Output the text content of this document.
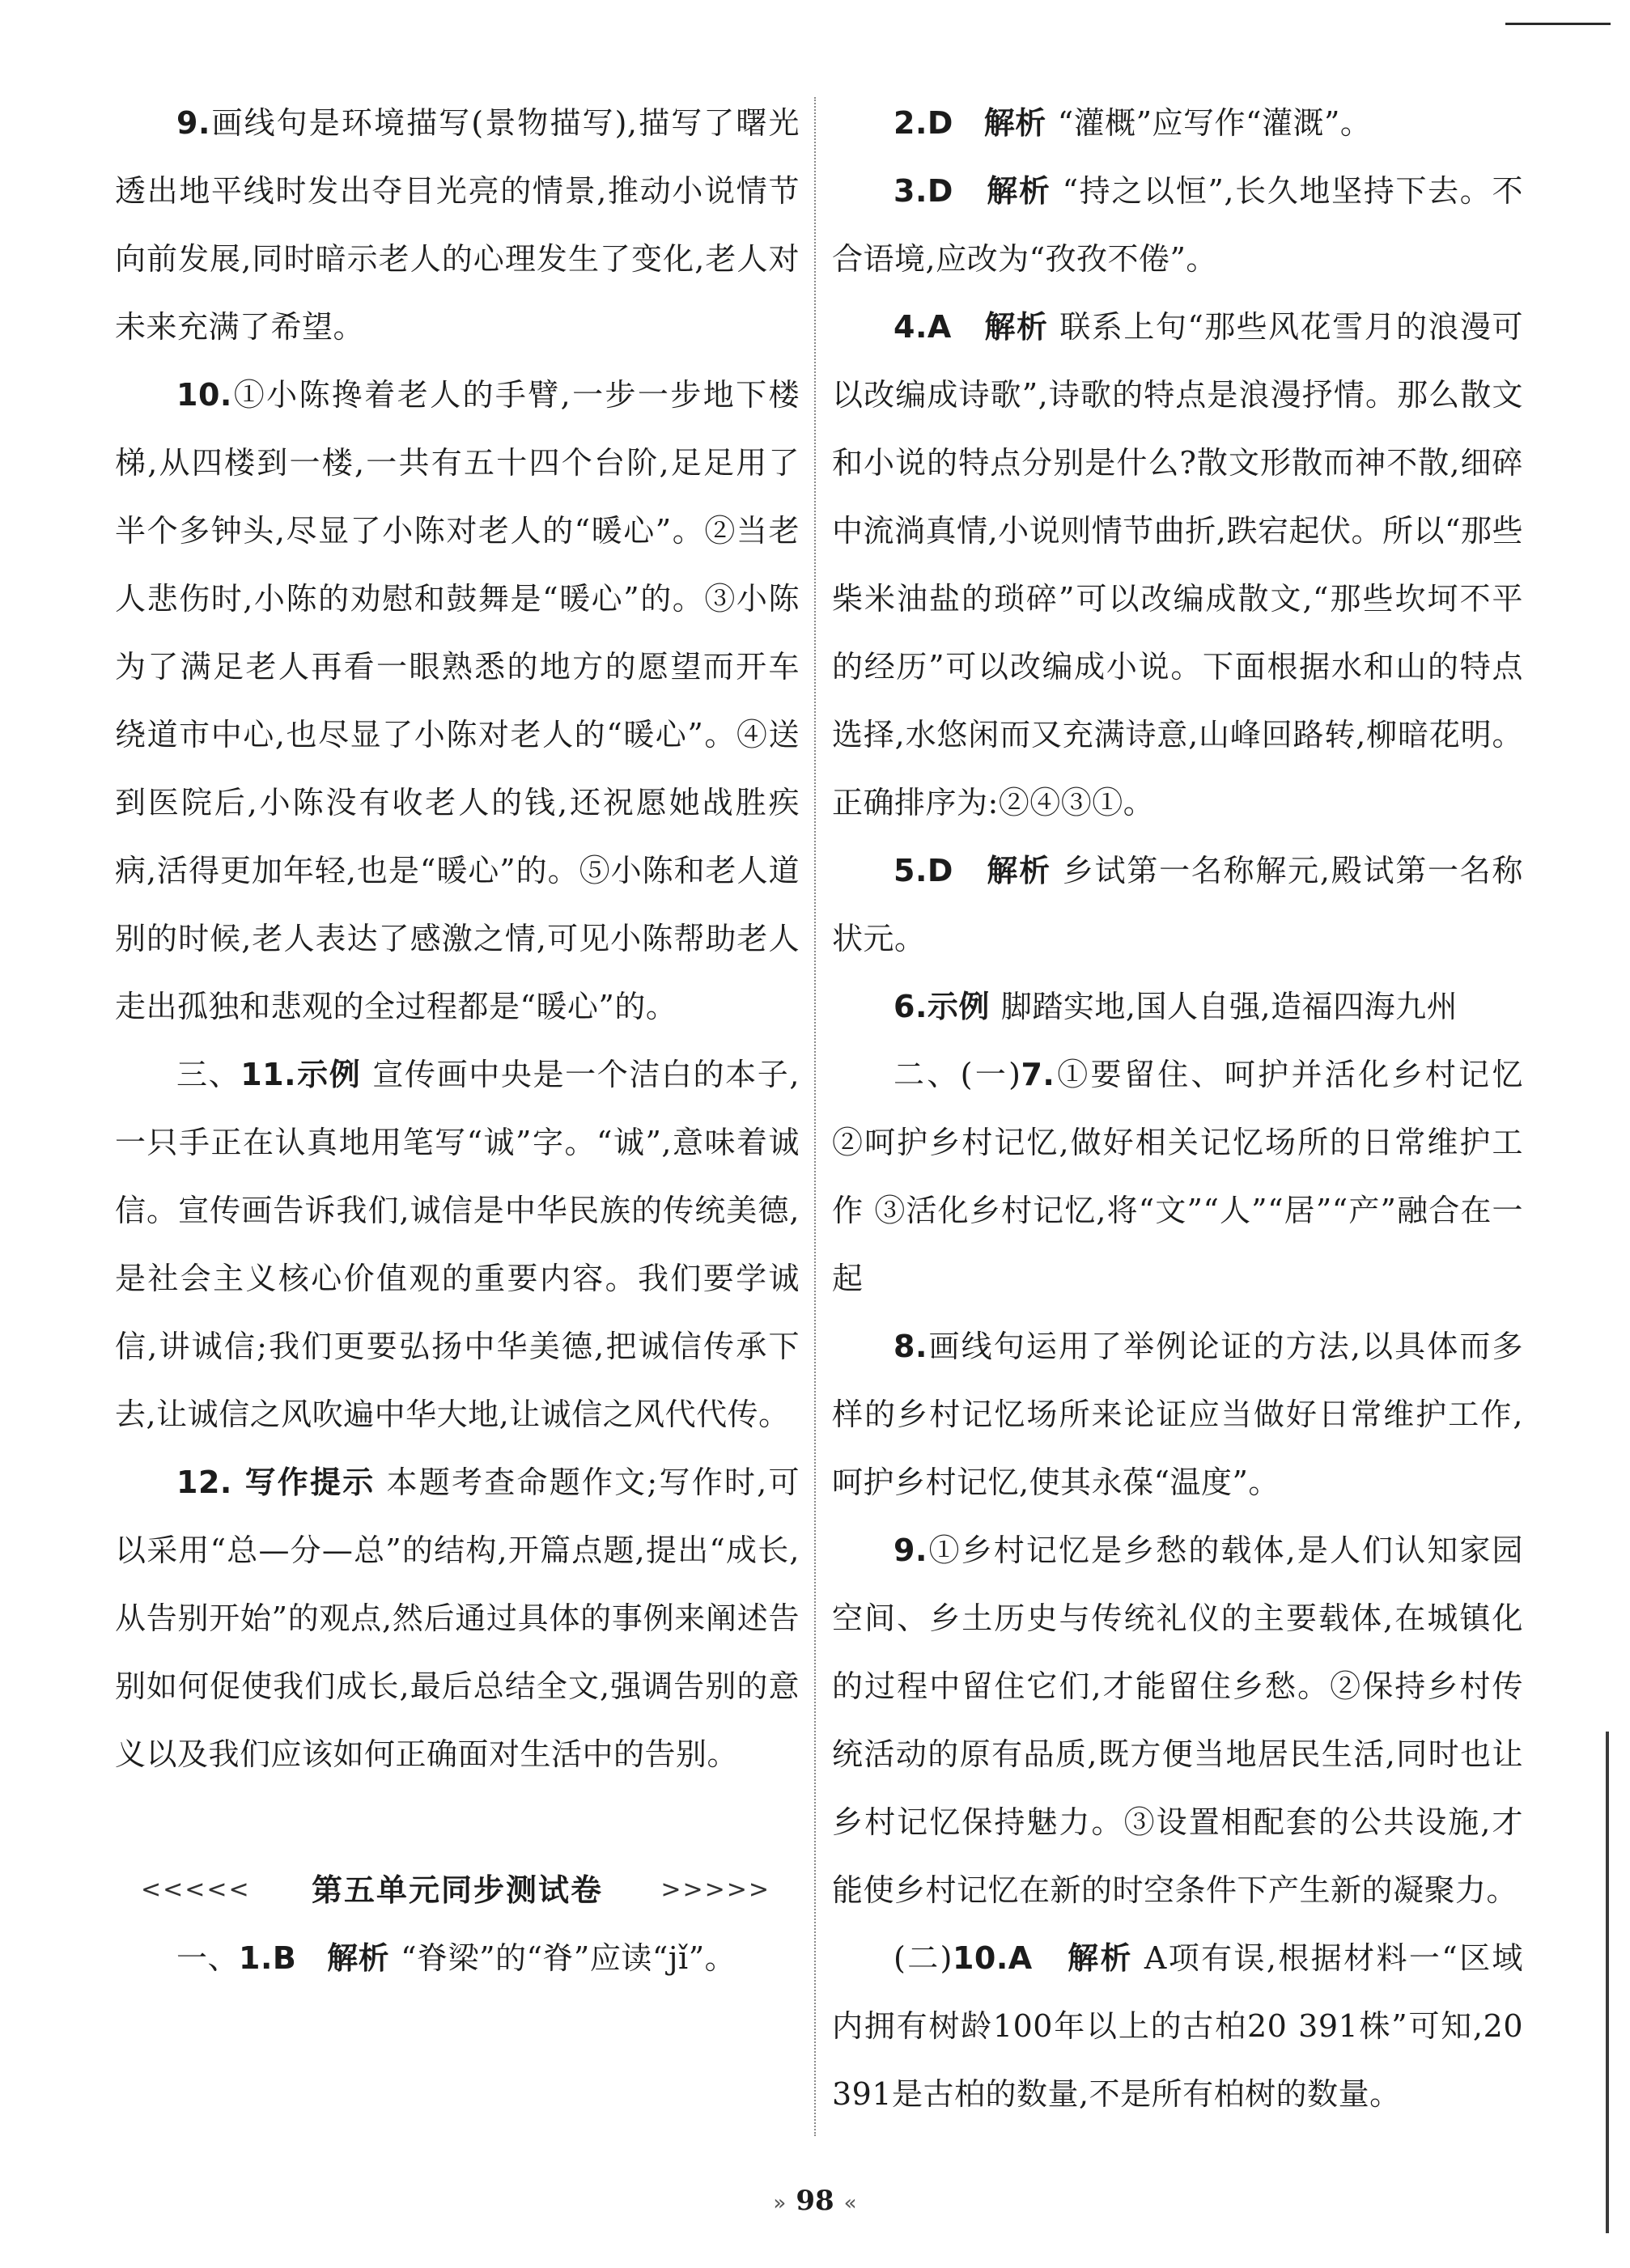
9.画线句是环境描写(景物描写),描写了曙光透出地平线时发出夺目光亮的情景,推动小说情节向前发展,同时暗示老人的心理发生了变化,老人对未来充满了希望。

10.①小陈搀着老人的手臂,一步一步地下楼梯,从四楼到一楼,一共有五十四个台阶,足足用了半个多钟头,尽显了小陈对老人的“暖心”。②当老人悲伤时,小陈的劝慰和鼓舞是“暖心”的。③小陈为了满足老人再看一眼熟悉的地方的愿望而开车绕道市中心,也尽显了小陈对老人的“暖心”。④送到医院后,小陈没有收老人的钱,还祝愿她战胜疾病,活得更加年轻,也是“暖心”的。⑤小陈和老人道别的时候,老人表达了感激之情,可见小陈帮助老人走出孤独和悲观的全过程都是“暖心”的。

三、11.示例 宣传画中央是一个洁白的本子,一只手正在认真地用笔写“诚”字。“诚”,意味着诚信。宣传画告诉我们,诚信是中华民族的传统美德,是社会主义核心价值观的重要内容。我们要学诚信,讲诚信;我们更要弘扬中华美德,把诚信传承下去,让诚信之风吹遍中华大地,让诚信之风代代传。

12. 写作提示 本题考查命题作文;写作时,可以采用“总—分—总”的结构,开篇点题,提出“成长,从告别开始”的观点,然后通过具体的事例来阐述告别如何促使我们成长,最后总结全文,强调告别的意义以及我们应该如何正确面对生活中的告别。

<<<<<	第五单元同步测试卷	>>>>>

一、1.B 解析 “脊梁”的“脊”应读“jǐ”。

2.D 解析 “灌概”应写作“灌溉”。

3.D 解析 “持之以恒”,长久地坚持下去。不合语境,应改为“孜孜不倦”。

4.A 解析 联系上句“那些风花雪月的浪漫可以改编成诗歌”,诗歌的特点是浪漫抒情。那么散文和小说的特点分别是什么?散文形散而神不散,细碎中流淌真情,小说则情节曲折,跌宕起伏。所以“那些柴米油盐的琐碎”可以改编成散文,“那些坎坷不平的经历”可以改编成小说。下面根据水和山的特点选择,水悠闲而又充满诗意,山峰回路转,柳暗花明。正确排序为:②④③①。

5.D 解析 乡试第一名称解元,殿试第一名称状元。

6.示例 脚踏实地,国人自强,造福四海九州

二、(一)7.①要留住、呵护并活化乡村记忆 ②呵护乡村记忆,做好相关记忆场所的日常维护工作 ③活化乡村记忆,将“文”“人”“居”“产”融合在一起

8.画线句运用了举例论证的方法,以具体而多样的乡村记忆场所来论证应当做好日常维护工作,呵护乡村记忆,使其永葆“温度”。

9.①乡村记忆是乡愁的载体,是人们认知家园空间、乡土历史与传统礼仪的主要载体,在城镇化的过程中留住它们,才能留住乡愁。②保持乡村传统活动的原有品质,既方便当地居民生活,同时也让乡村记忆保持魅力。③设置相配套的公共设施,才能使乡村记忆在新的时空条件下产生新的凝聚力。

(二)10.A 解析 A项有误,根据材料一“区域内拥有树龄100年以上的古柏20 391株”可知,20 391是古柏的数量,不是所有柏树的数量。

» 98 «
